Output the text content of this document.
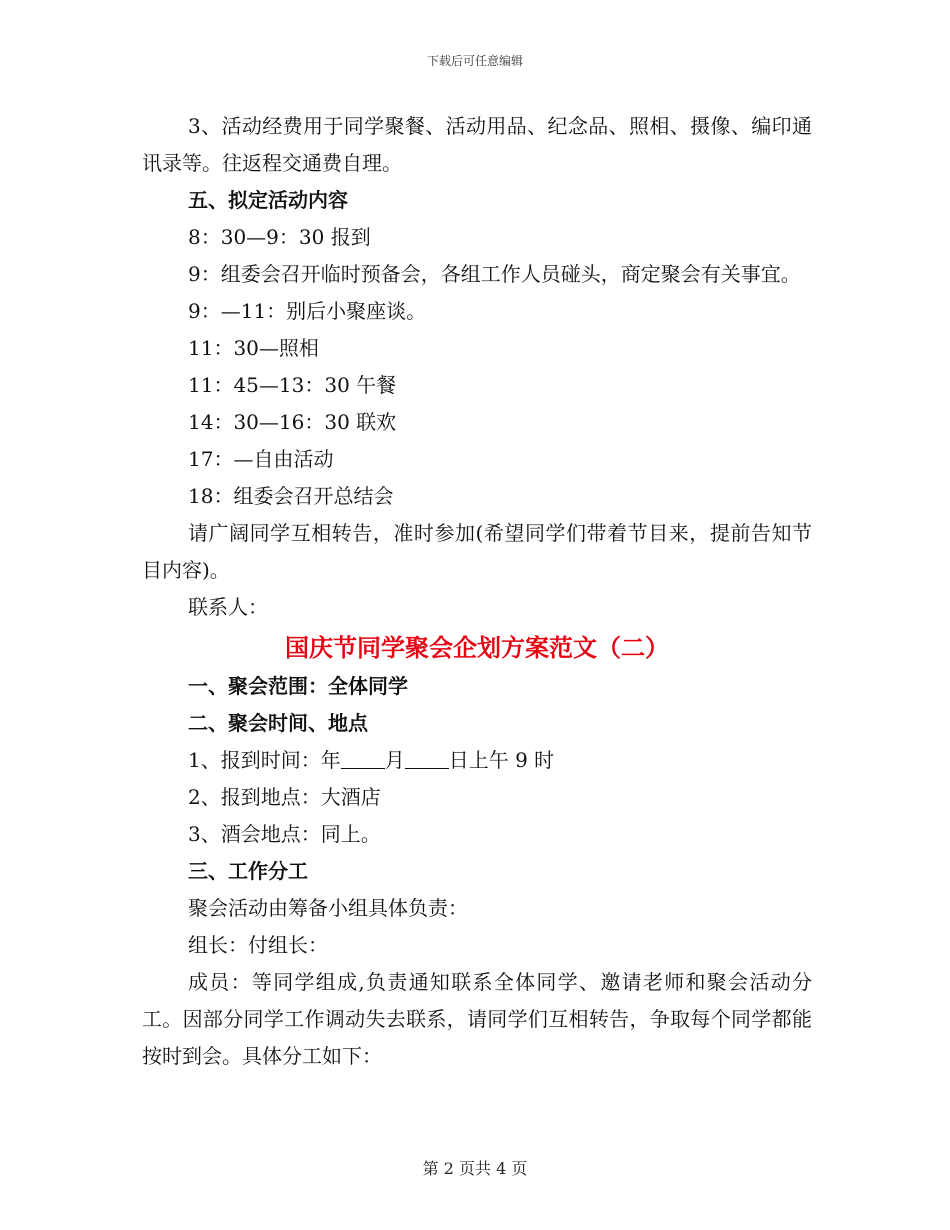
下载后可任意编辑
3、活动经费用于同学聚餐、活动用品、纪念品、照相、摄像、编印通讯录等。往返程交通费自理。
五、拟定活动内容
8：30—9：30 报到
9：组委会召开临时预备会，各组工作人员碰头，商定聚会有关事宜。
9：—11：别后小聚座谈。
11：30—照相
11：45—13：30 午餐
14：30—16：30 联欢
17：—自由活动
18：组委会召开总结会
请广阔同学互相转告，准时参加(希望同学们带着节目来，提前告知节目内容)。
联系人：
国庆节同学聚会企划方案范文（二）
一、聚会范围：全体同学
二、聚会时间、地点
1、报到时间：年 月 日上午 9 时
2、报到地点：大酒店
3、酒会地点：同上。
三、工作分工
聚会活动由筹备小组具体负责：
组长：付组长：
成员：等同学组成,负责通知联系全体同学、邀请老师和聚会活动分工。因部分同学工作调动失去联系，请同学们互相转告，争取每个同学都能按时到会。具体分工如下：
第 2 页共 4 页
